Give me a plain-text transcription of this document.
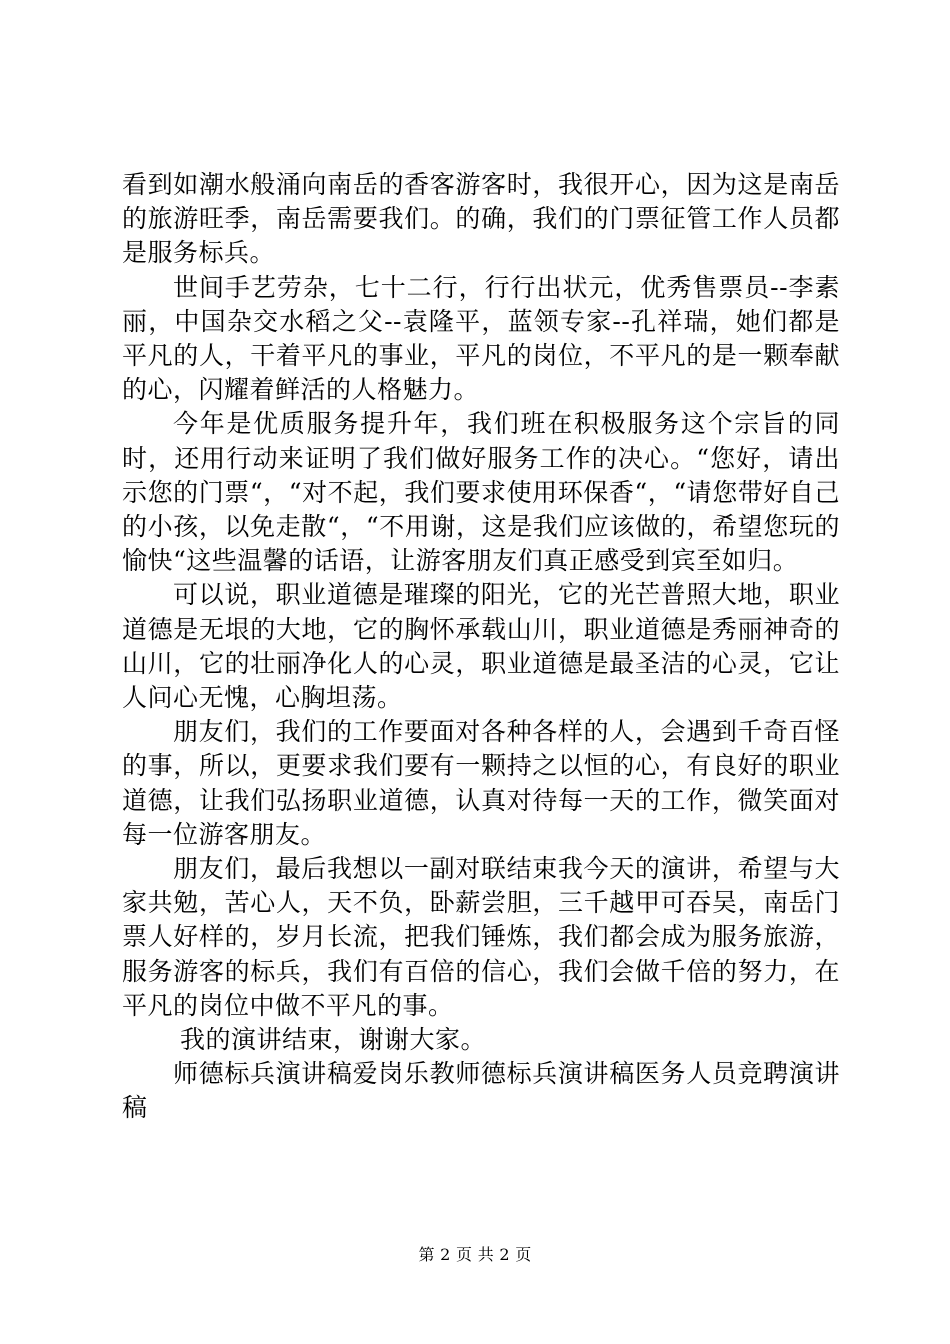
看到如潮水般涌向南岳的香客游客时，我很开心，因为这是南岳的旅游旺季，南岳需要我们。的确，我们的门票征管工作人员都是服务标兵。

世间手艺劳杂，七十二行，行行出状元，优秀售票员--李素丽，中国杂交水稻之父--袁隆平，蓝领专家--孔祥瑞，她们都是平凡的人，干着平凡的事业，平凡的岗位，不平凡的是一颗奉献的心，闪耀着鲜活的人格魅力。

今年是优质服务提升年，我们班在积极服务这个宗旨的同时，还用行动来证明了我们做好服务工作的决心。“您好，请出示您的门票“，“对不起，我们要求使用环保香“，“请您带好自己的小孩，以免走散“，“不用谢，这是我们应该做的，希望您玩的愉快“这些温馨的话语，让游客朋友们真正感受到宾至如归。

可以说，职业道德是璀璨的阳光，它的光芒普照大地，职业道德是无垠的大地，它的胸怀承载山川，职业道德是秀丽神奇的山川，它的壮丽净化人的心灵，职业道德是最圣洁的心灵，它让人问心无愧，心胸坦荡。

朋友们，我们的工作要面对各种各样的人，会遇到千奇百怪的事，所以，更要求我们要有一颗持之以恒的心，有良好的职业道德，让我们弘扬职业道德，认真对待每一天的工作，微笑面对每一位游客朋友。

朋友们，最后我想以一副对联结束我今天的演讲，希望与大家共勉，苦心人，天不负，卧薪尝胆，三千越甲可吞吴，南岳门票人好样的，岁月长流，把我们锤炼，我们都会成为服务旅游，服务游客的标兵，我们有百倍的信心，我们会做千倍的努力，在平凡的岗位中做不平凡的事。

我的演讲结束，谢谢大家。

师德标兵演讲稿爱岗乐教师德标兵演讲稿医务人员竞聘演讲稿

第 2 页 共 2 页
